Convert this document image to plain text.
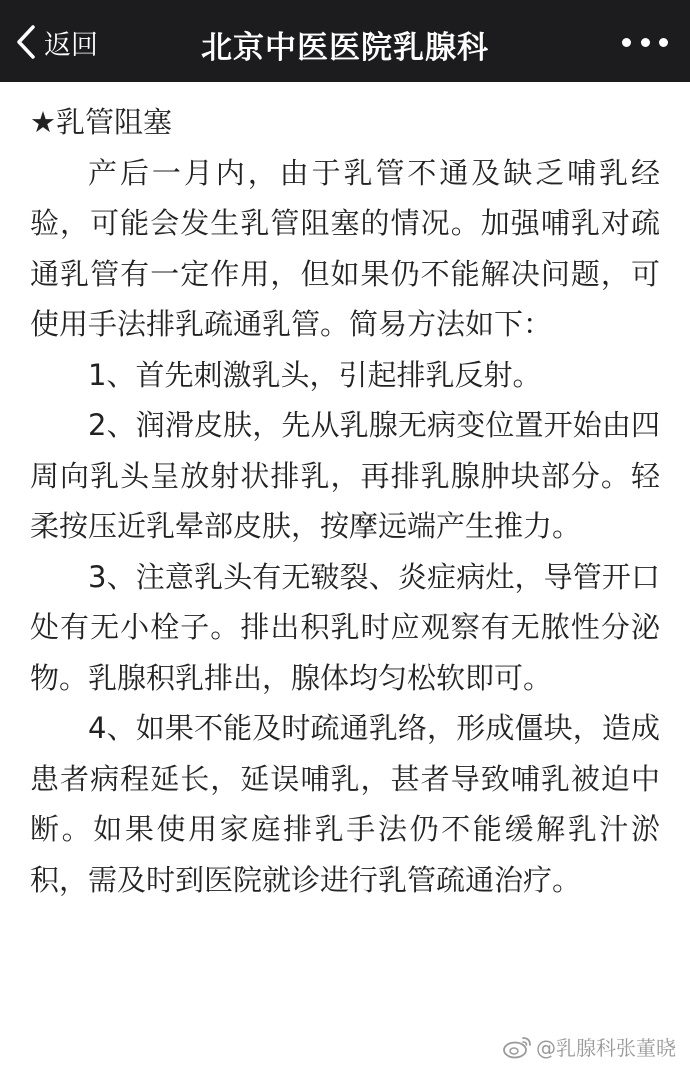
返回	北京中医医院乳腺科

★乳管阻塞

产后一月内，由于乳管不通及缺乏哺乳经验，可能会发生乳管阻塞的情况。加强哺乳对疏通乳管有一定作用，但如果仍不能解决问题，可使用手法排乳疏通乳管。简易方法如下：

1、首先刺激乳头，引起排乳反射。

2、润滑皮肤，先从乳腺无病变位置开始由四周向乳头呈放射状排乳，再排乳腺肿块部分。轻柔按压近乳晕部皮肤，按摩远端产生推力。

3、注意乳头有无皲裂、炎症病灶，导管开口处有无小栓子。排出积乳时应观察有无脓性分泌物。乳腺积乳排出，腺体均匀松软即可。

4、如果不能及时疏通乳络，形成僵块，造成患者病程延长，延误哺乳，甚者导致哺乳被迫中断。如果使用家庭排乳手法仍不能缓解乳汁淤积，需及时到医院就诊进行乳管疏通治疗。

@乳腺科张董晓
